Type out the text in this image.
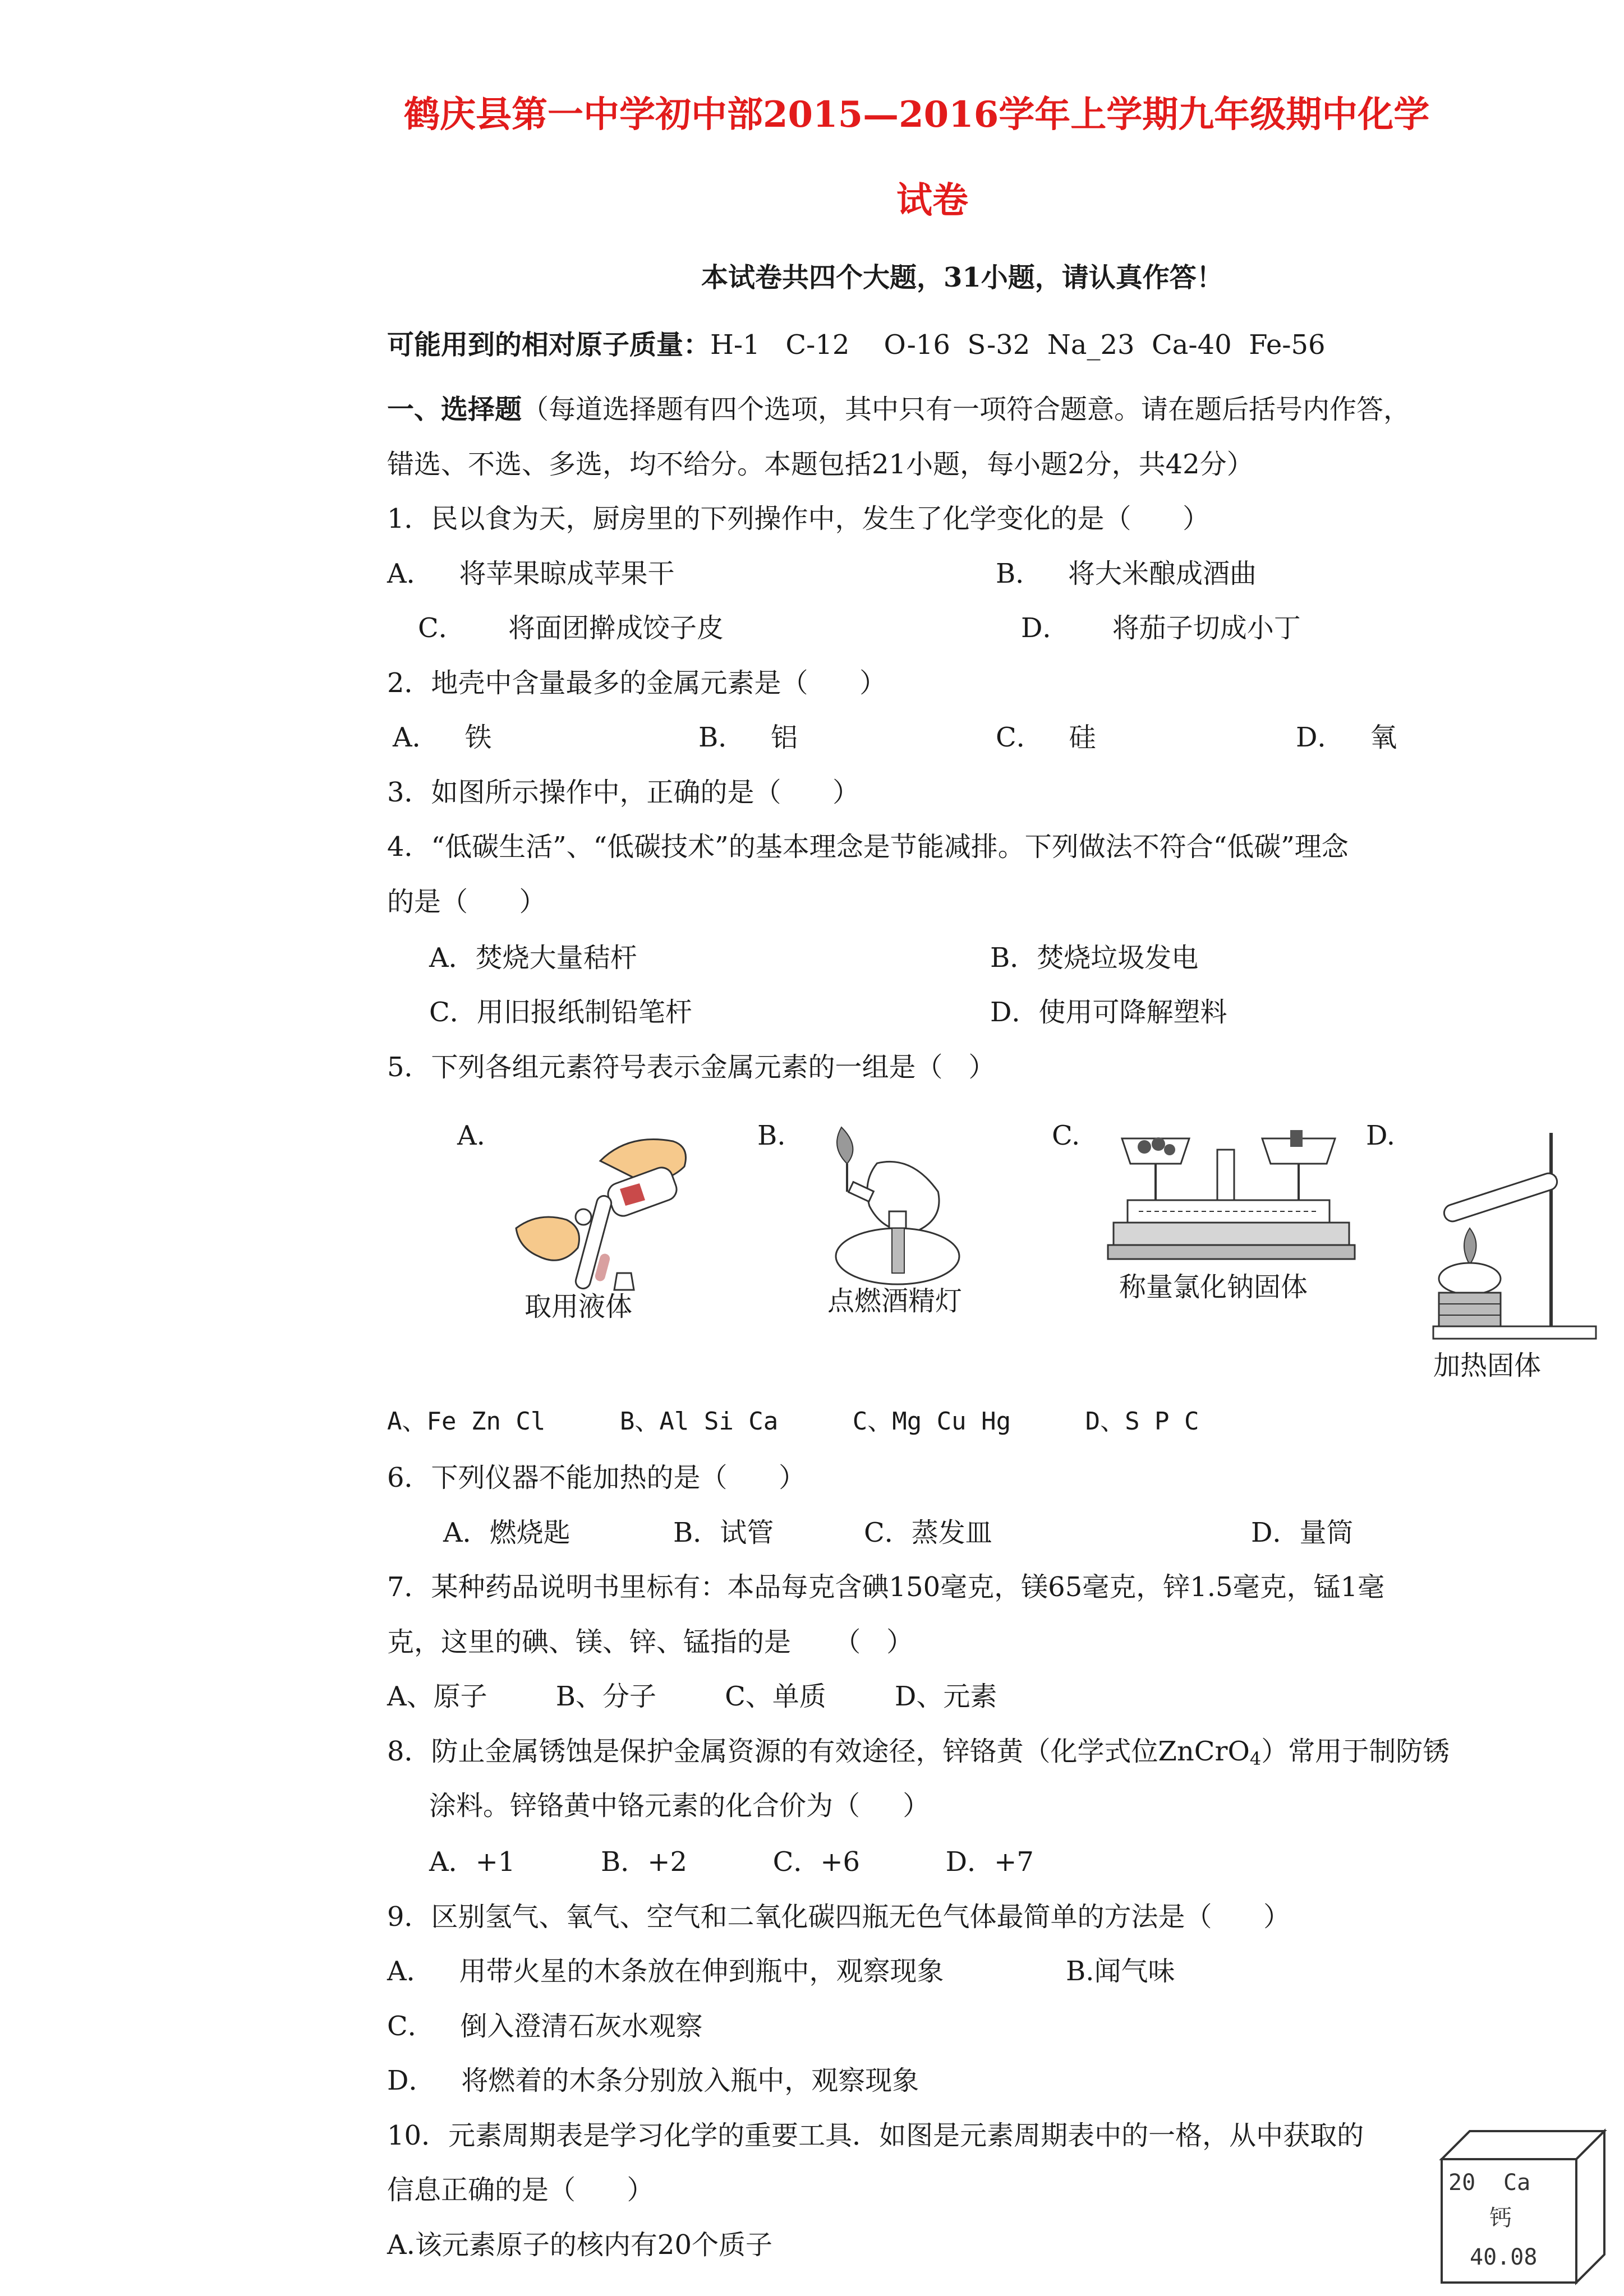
鹤庆县第一中学初中部2015—2016学年上学期九年级期中化学
试卷
本试卷共四个大题，31小题，请认真作答！
可能用到的相对原子质量：H-1   C-12    O-16  S-32  Na_23  Ca-40  Fe-56
一、选择题（每道选择题有四个选项，其中只有一项符合题意。请在题后括号内作答，
错选、不选、多选，均不给分。本题包括21小题，每小题2分，共42分）
1．民以食为天，厨房里的下列操作中，发生了化学变化的是（      ）
A．   将苹果晾成苹果干	B．   将大米酿成酒曲
C．     将面团擀成饺子皮	D．     将茄子切成小丁
2．地壳中含量最多的金属元素是（      ）
A．   铁	B．   铝	C．   硅	D．   氧
3．如图所示操作中，正确的是（      ）
4．“低碳生活”、“低碳技术”的基本理念是节能减排。下列做法不符合“低碳”理念
的是（      ）
A．焚烧大量秸杆	B．焚烧垃圾发电
C．用旧报纸制铅笔杆	D．使用可降解塑料
5．下列各组元素符号表示金属元素的一组是（   ）
A.	B.	C.	D.
取用液体	点燃酒精灯	称量氯化钠固体
加热固体
A、Fe Zn Cl     B、Al Si Ca     C、Mg Cu Hg     D、S P C
6．下列仪器不能加热的是（      ）
A．燃烧匙	B．试管	C．蒸发皿	D．量筒
7．某种药品说明书里标有：本品每克含碘150毫克，镁65毫克，锌1.5毫克，锰1毫
克，这里的碘、镁、锌、锰指的是     （   ）
A、原子        B、分子        C、单质        D、元素
8．防止金属锈蚀是保护金属资源的有效途径，锌铬黄（化学式位ZnCrO$_4$）常用于制防锈
涂料。锌铬黄中铬元素的化合价为（     ）
A．+1          B．+2          C．+6          D．+7
9．区别氢气、氧气、空气和二氧化碳四瓶无色气体最简单的方法是（      ）
A．   用带火星的木条放在伸到瓶中，观察现象	B.闻气味
C．   倒入澄清石灰水观察
D．   将燃着的木条分别放入瓶中，观察现象
10．元素周期表是学习化学的重要工具．如图是元素周期表中的一格，从中获取的
信息正确的是（      ）
A.该元素原子的核内有20个质子
20 Ca
钙
40.08
